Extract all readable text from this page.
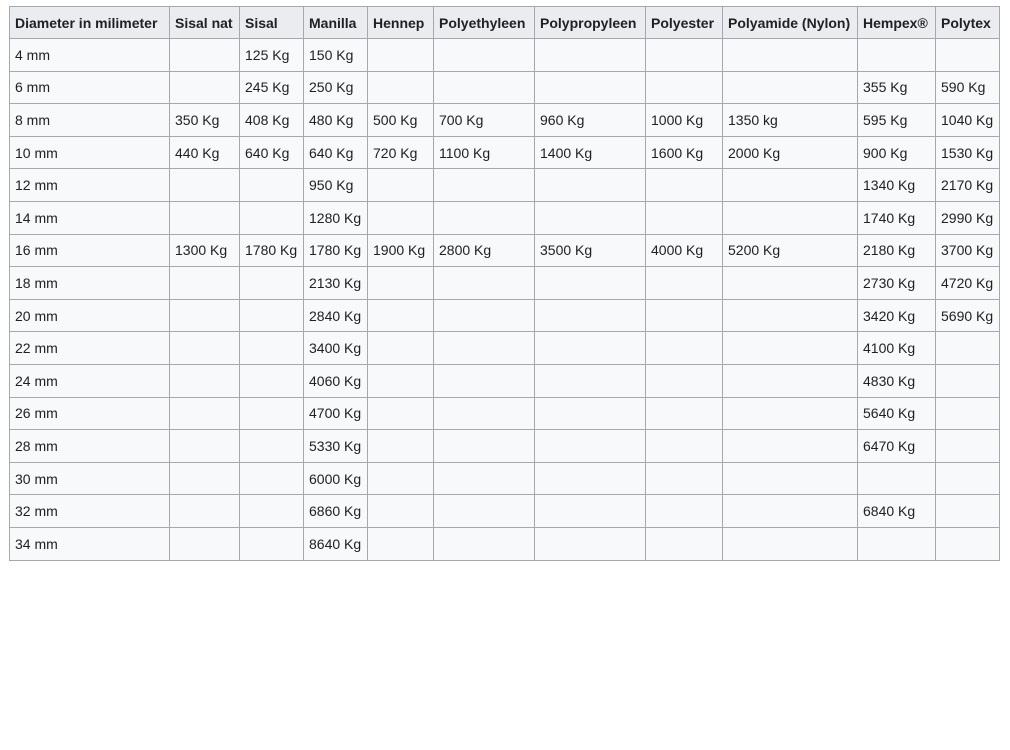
Diameter in milimeter	Sisal nat	Sisal	Manilla	Hennep	Polyethyleen	Polypropyleen	Polyester	Polyamide (Nylon)	Hempex®	Polytex
4 mm		125 Kg	150 Kg							
6 mm		245 Kg	250 Kg						355 Kg	590 Kg
8 mm	350 Kg	408 Kg	480 Kg	500 Kg	700 Kg	960 Kg	1000 Kg	1350 kg	595 Kg	1040 Kg
10 mm	440 Kg	640 Kg	640 Kg	720 Kg	1100 Kg	1400 Kg	1600 Kg	2000 Kg	900 Kg	1530 Kg
12 mm			950 Kg						1340 Kg	2170 Kg
14 mm			1280 Kg						1740 Kg	2990 Kg
16 mm	1300 Kg	1780 Kg	1780 Kg	1900 Kg	2800 Kg	3500 Kg	4000 Kg	5200 Kg	2180 Kg	3700 Kg
18 mm			2130 Kg						2730 Kg	4720 Kg
20 mm			2840 Kg						3420 Kg	5690 Kg
22 mm			3400 Kg						4100 Kg	
24 mm			4060 Kg						4830 Kg	
26 mm			4700 Kg						5640 Kg	
28 mm			5330 Kg						6470 Kg	
30 mm			6000 Kg							
32 mm			6860 Kg						6840 Kg	
34 mm			8640 Kg							
